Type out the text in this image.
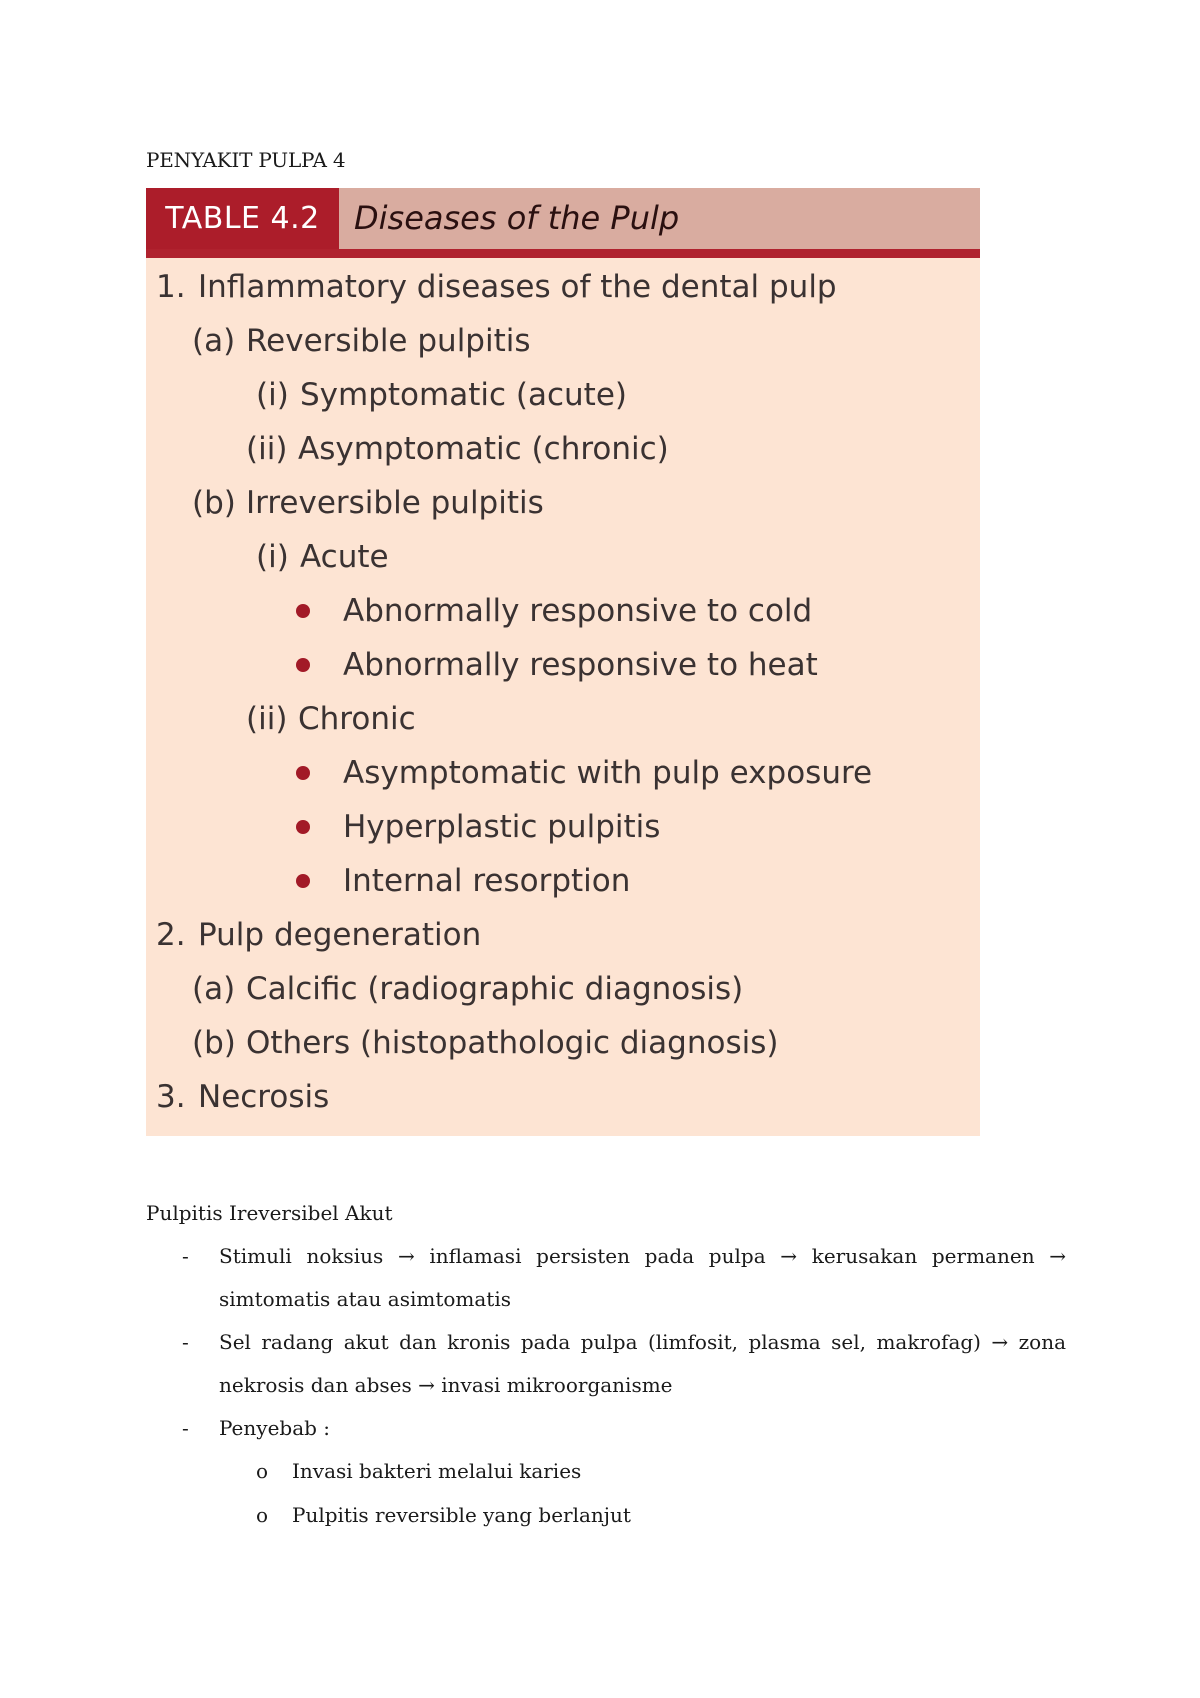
PENYAKIT PULPA 4
TABLE 4.2	Diseases of the Pulp
1. Inflammatory diseases of the dental pulp
(a) Reversible pulpitis
(i) Symptomatic (acute)
(ii) Asymptomatic (chronic)
(b) Irreversible pulpitis
(i) Acute
Abnormally responsive to cold
Abnormally responsive to heat
(ii) Chronic
Asymptomatic with pulp exposure
Hyperplastic pulpitis
Internal resorption
2. Pulp degeneration
(a) Calcific (radiographic diagnosis)
(b) Others (histopathologic diagnosis)
3. Necrosis
Pulpitis Ireversibel Akut
- Stimuli noksius → inflamasi persisten pada pulpa → kerusakan permanen → simtomatis atau asimtomatis
- Sel radang akut dan kronis pada pulpa (limfosit, plasma sel, makrofag) → zona nekrosis dan abses → invasi mikroorganisme
- Penyebab :
o Invasi bakteri melalui karies
o Pulpitis reversible yang berlanjut
